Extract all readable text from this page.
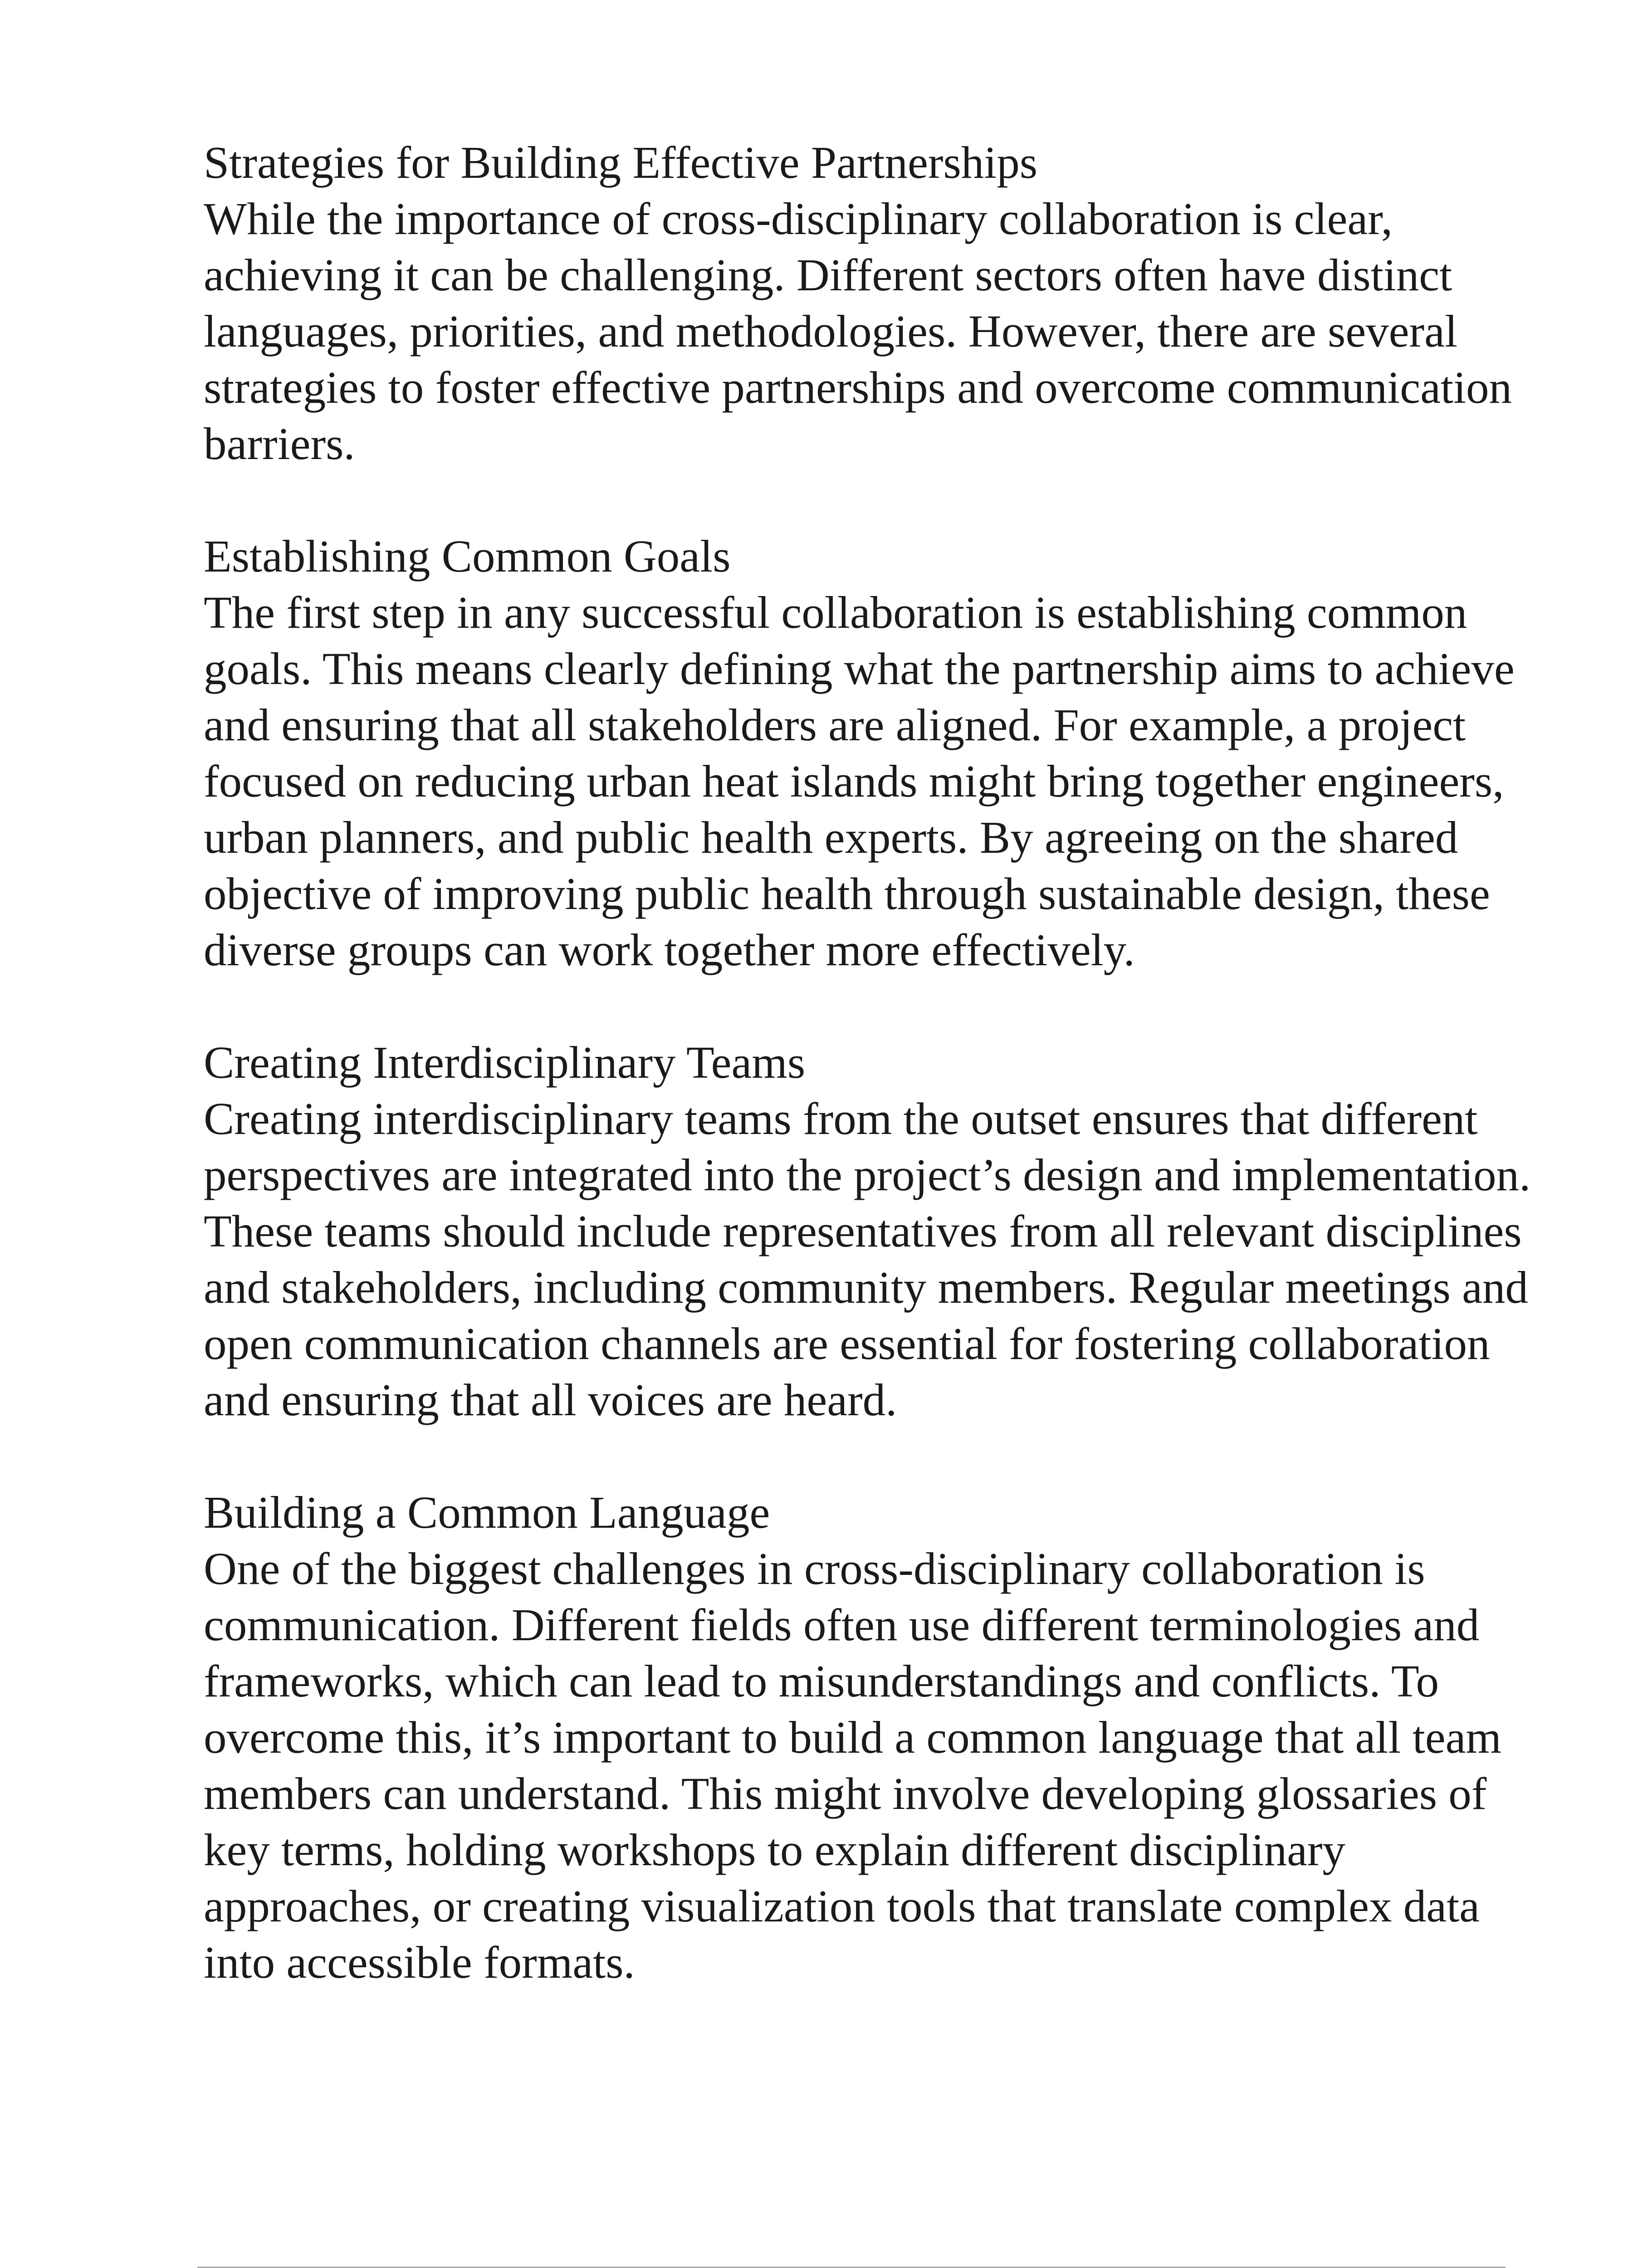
Strategies for Building Effective Partnerships
While the importance of cross-disciplinary collaboration is clear, achieving it can be challenging. Different sectors often have distinct languages, priorities, and methodologies. However, there are several strategies to foster effective partnerships and overcome communication barriers.
Establishing Common Goals
The first step in any successful collaboration is establishing common goals. This means clearly defining what the partnership aims to achieve and ensuring that all stakeholders are aligned. For example, a project focused on reducing urban heat islands might bring together engineers, urban planners, and public health experts. By agreeing on the shared objective of improving public health through sustainable design, these diverse groups can work together more effectively.
Creating Interdisciplinary Teams
Creating interdisciplinary teams from the outset ensures that different perspectives are integrated into the project’s design and implementation. These teams should include representatives from all relevant disciplines and stakeholders, including community members. Regular meetings and open communication channels are essential for fostering collaboration and ensuring that all voices are heard.
Building a Common Language
One of the biggest challenges in cross-disciplinary collaboration is communication. Different fields often use different terminologies and frameworks, which can lead to misunderstandings and conflicts. To overcome this, it’s important to build a common language that all team members can understand. This might involve developing glossaries of key terms, holding workshops to explain different disciplinary approaches, or creating visualization tools that translate complex data into accessible formats.
